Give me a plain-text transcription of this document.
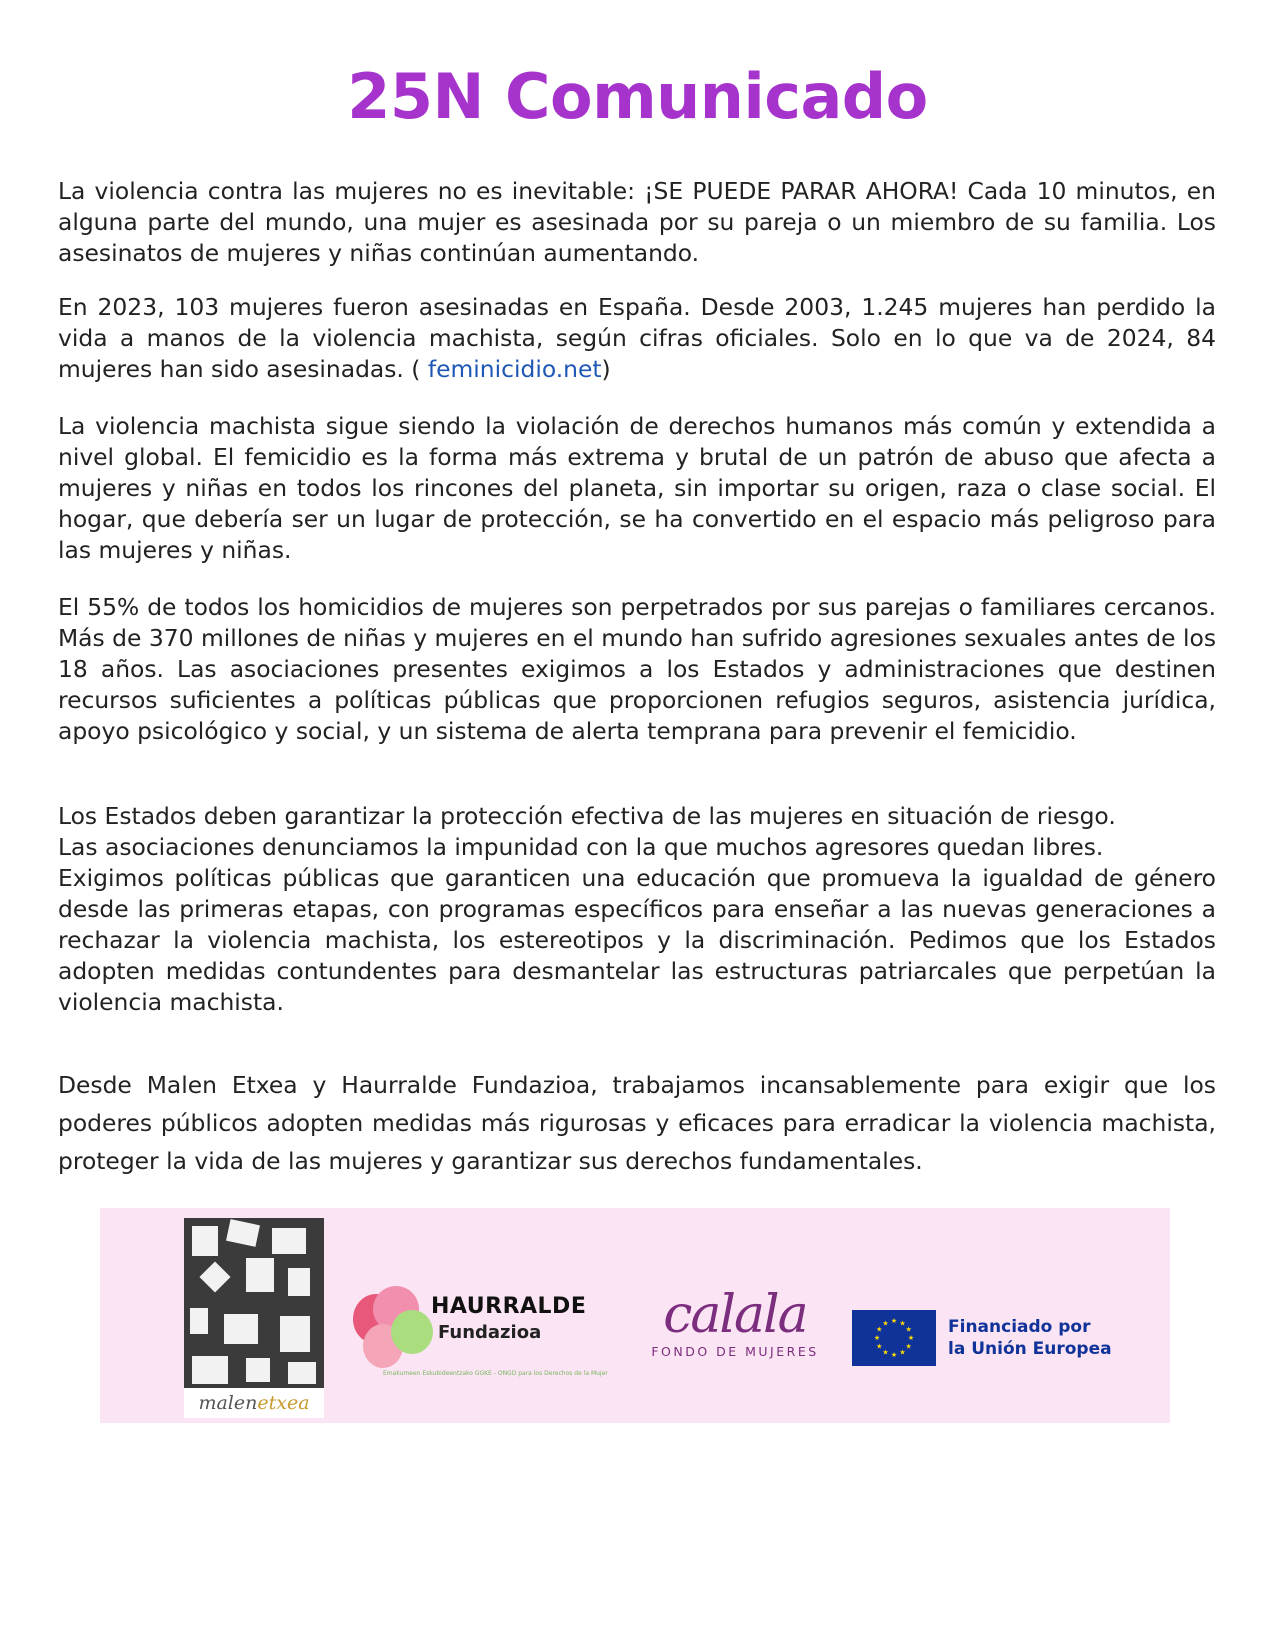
25N Comunicado

La violencia contra las mujeres no es inevitable: ¡SE PUEDE PARAR AHORA! Cada 10 minutos, en alguna parte del mundo, una mujer es asesinada por su pareja o un miembro de su familia. Los asesinatos de mujeres y niñas continúan aumentando.

En 2023, 103 mujeres fueron asesinadas en España. Desde 2003, 1.245 mujeres han perdido la vida a manos de la violencia machista, según cifras oficiales. Solo en lo que va de 2024, 84 mujeres han sido asesinadas. ( feminicidio.net)

La violencia machista sigue siendo la violación de derechos humanos más común y extendida a nivel global. El femicidio es la forma más extrema y brutal de un patrón de abuso que afecta a mujeres y niñas en todos los rincones del planeta, sin importar su origen, raza o clase social. El hogar, que debería ser un lugar de protección, se ha convertido en el espacio más peligroso para las mujeres y niñas.

El 55% de todos los homicidios de mujeres son perpetrados por sus parejas o familiares cercanos. Más de 370 millones de niñas y mujeres en el mundo han sufrido agresiones sexuales antes de los 18 años. Las asociaciones presentes exigimos a los Estados y administraciones que destinen recursos suficientes a políticas públicas que proporcionen refugios seguros, asistencia jurídica, apoyo psicológico y social, y un sistema de alerta temprana para prevenir el femicidio.

Los Estados deben garantizar la protección efectiva de las mujeres en situación de riesgo.
Las asociaciones denunciamos la impunidad con la que muchos agresores quedan libres.
Exigimos políticas públicas que garanticen una educación que promueva la igualdad de género desde las primeras etapas, con programas específicos para enseñar a las nuevas generaciones a rechazar la violencia machista, los estereotipos y la discriminación. Pedimos que los Estados adopten medidas contundentes para desmantelar las estructuras patriarcales que perpetúan la violencia machista.

Desde Malen Etxea y Haurralde Fundazioa, trabajamos incansablemente para exigir que los poderes públicos adopten medidas más rigurosas y eficaces para erradicar la violencia machista, proteger la vida de las mujeres y garantizar sus derechos fundamentales.

malenetxea
HAURRALDE
Fundazioa
Emakumeen Eskubideentzako GGKE - ONGD para los Derechos de la Mujer
calala
FONDO DE MUJERES
★ ★
★
★
★
★
★
★
★
★
★
★	Financiado por
la Unión Europea
